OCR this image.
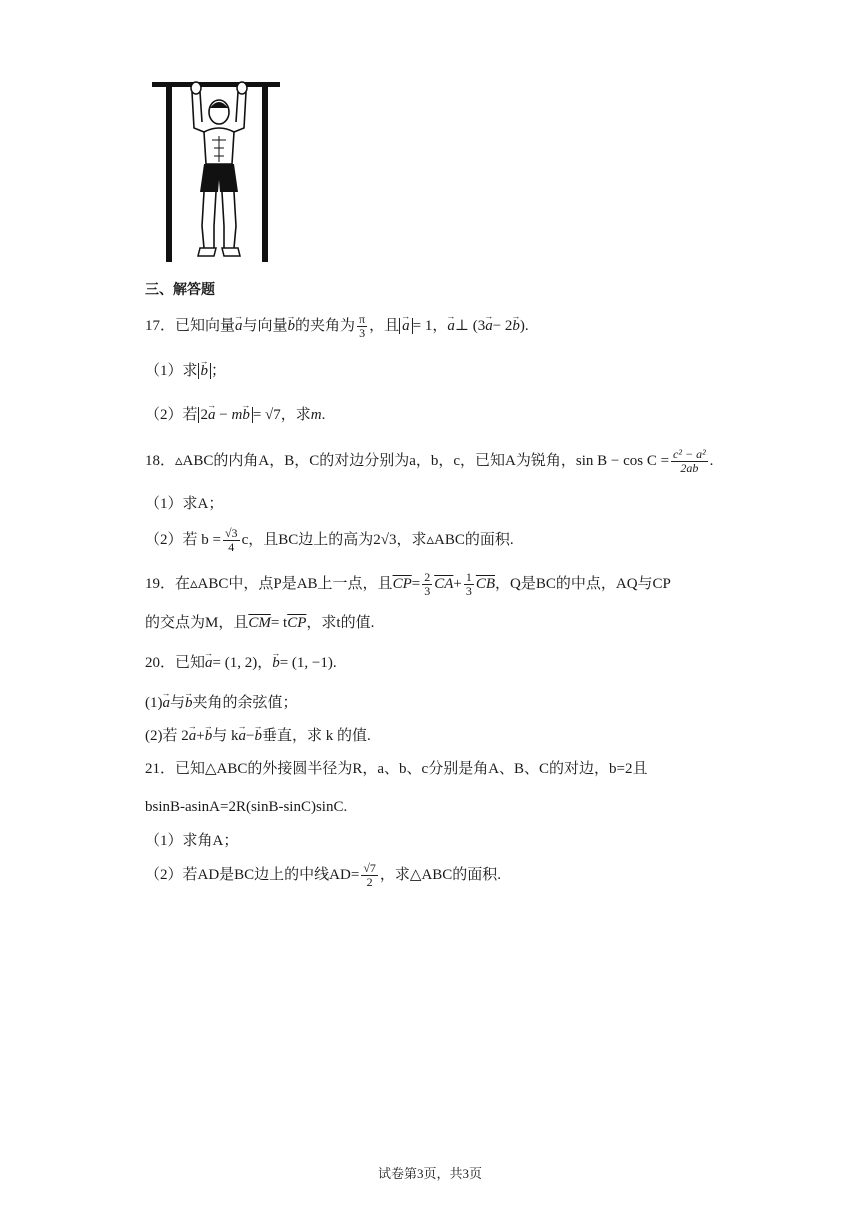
三、解答题
17．已知向量→ a与向量→ b的夹角为 $\frac{\pi}{3}$ ，且 → a = 1，→ a⊥ (3→ a− 2→ b).
（1）求 → b ；
（2）若 2→ a − m→ b = √7，求m.
18．▵ABC的内角A，B，C的对边分别为a，b，c，已知A为锐角，$\sin B - \cos C = \frac{\text{c² − a²}}{2ab}$ .
（1）求A；
（2）若 $b = \frac{√3}{4}$ c，且BC边上的高为2√3，求▵ABC的面积.
19．在▵ABC中，点P是AB上一点，且$\overline{CP}= \frac{2}{3} \overline{CA}+ \frac{1}{3} \overline{CB}$，Q是BC的中点，AQ与CP
的交点为M，且$\overline{CM}= t\overline{CP}$，求t的值.
20．已知→ a= (1, 2)，→ b= (1, −1).
(1)→ a与→ b夹角的余弦值；
(2)若 2→ a+→ b与 k→ a−→ b垂直，求 k 的值.
21．已知△ABC的外接圆半径为R，a、b、c分别是角A、B、C的对边，b=2且
bsinB-asinA=2R(sinB-sinC)sinC.
（1）求角A；
（2）若AD是BC边上的中线$AD= \frac{√7}{2}$ ，求△ABC的面积.
试卷第3页，共3页
